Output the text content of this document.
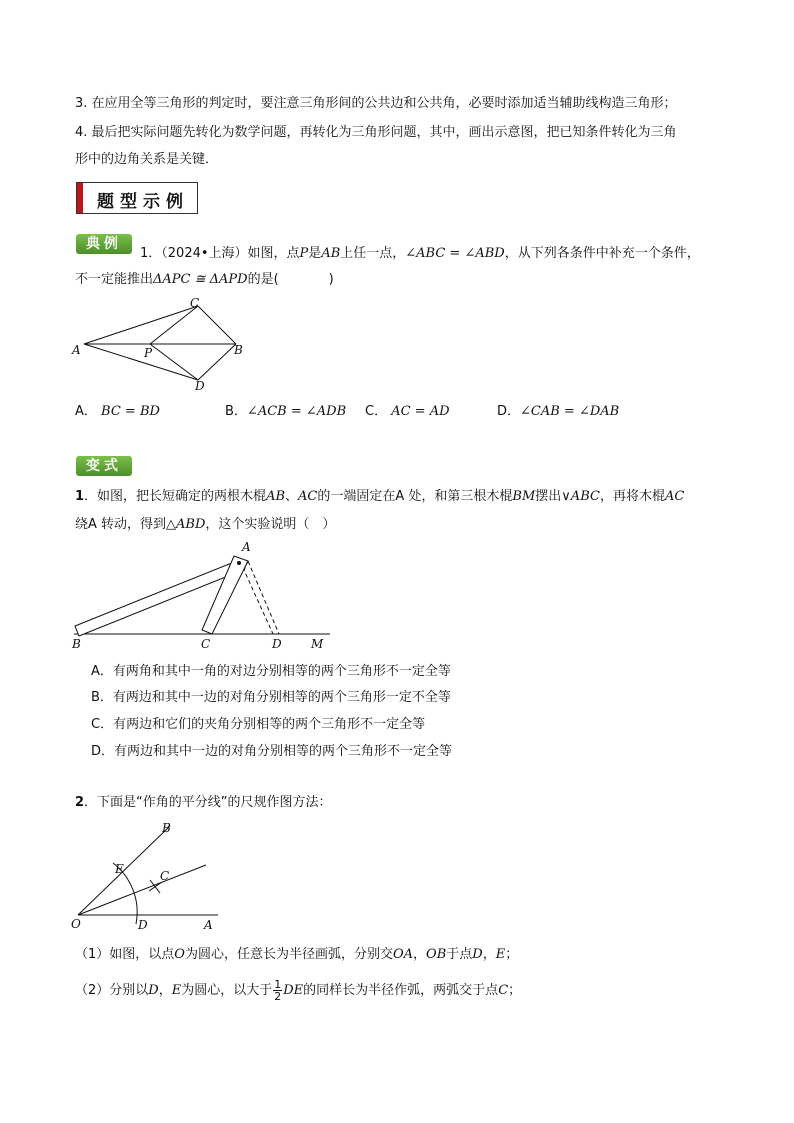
3. 在应用全等三角形的判定时，要注意三角形间的公共边和公共角，必要时添加适当辅助线构造三角形；
4. 最后把实际问题先转化为数学问题，再转化为三角形问题，其中，画出示意图，把已知条件转化为三角
形中的边角关系是关键．
题型示例
典例
1．（2024•上海）如图，点P是AB上任一点，∠ABC = ∠ABD，从下列各条件中补充一个条件，
不一定能推出ΔAPC ≅ ΔAPD的是(	)
A	B
C
D
P
A． BC = BD	B．∠ACB = ∠ADB C． AC = AD	D．∠CAB = ∠DAB
变式
1．如图，把长短确定的两根木棍AB、AC的一端固定在A 处，和第三根木棍BM摆出∨ABC，再将木棍AC
绕A 转动，得到△ABD，这个实验说明（　）
A
B	C	D M
A．有两角和其中一角的对边分别相等的两个三角形不一定全等
B．有两边和其中一边的对角分别相等的两个三角形一定不全等
C．有两边和它们的夹角分别相等的两个三角形不一定全等
D．有两边和其中一边的对角分别相等的两个三角形不一定全等
2．下面是“作角的平分线”的尺规作图方法：
O	A
B
C
D
E
（1）如图，以点O为圆心，任意长为半径画弧，分别交OA，OB于点D，E；
（2）分别以D，E为圆心，以大于 $\frac{1}{2}$ DE的同样长为半径作弧，两弧交于点C；
